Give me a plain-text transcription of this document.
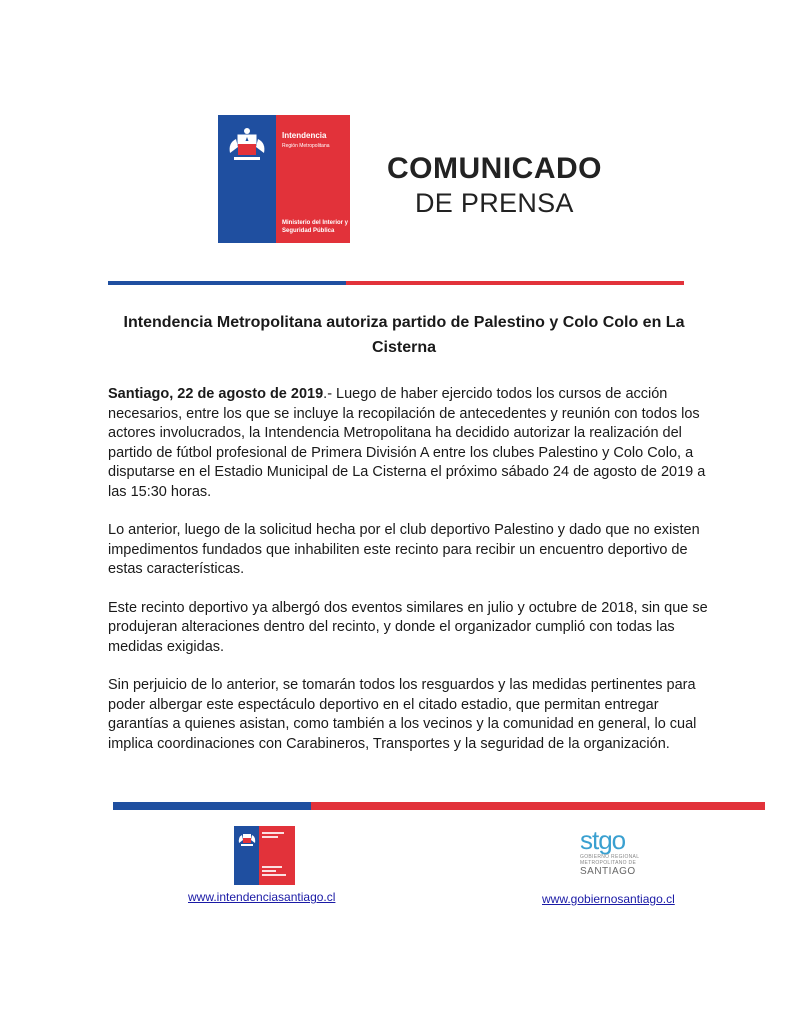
Intendencia
Región Metropolitana
Ministerio del Interior y Seguridad Pública
COMUNICADO
DE PRENSA
Intendencia Metropolitana autoriza partido de Palestino y Colo Colo en La Cisterna

Santiago, 22 de agosto de 2019.- Luego de haber ejercido todos los cursos de acción necesarios, entre los que se incluye la recopilación de antecedentes y reunión con todos los actores involucrados, la Intendencia Metropolitana ha decidido autorizar la realización del partido de fútbol profesional de Primera División A entre los clubes Palestino y Colo Colo, a disputarse en el Estadio Municipal de La Cisterna el próximo sábado 24 de agosto de 2019 a las 15:30 horas.

Lo anterior, luego de la solicitud hecha por el club deportivo Palestino y dado que no existen impedimentos fundados que inhabiliten este recinto para recibir un encuentro deportivo de estas características.

Este recinto deportivo ya albergó dos eventos similares en julio y octubre de 2018, sin que se produjeran alteraciones dentro del recinto, y donde el organizador cumplió con todas las medidas exigidas.

Sin perjuicio de lo anterior, se tomarán todos los resguardos y las medidas pertinentes para poder albergar este espectáculo deportivo en el citado estadio, que permitan entregar garantías a quienes asistan, como también a los vecinos y la comunidad en general, lo cual implica coordinaciones con Carabineros, Transportes y la seguridad de la organización.

www.intendenciasantiago.cl
stgo
GOBIERNO REGIONAL METROPOLITANO DE
SANTIAGO
www.gobiernosantiago.cl
